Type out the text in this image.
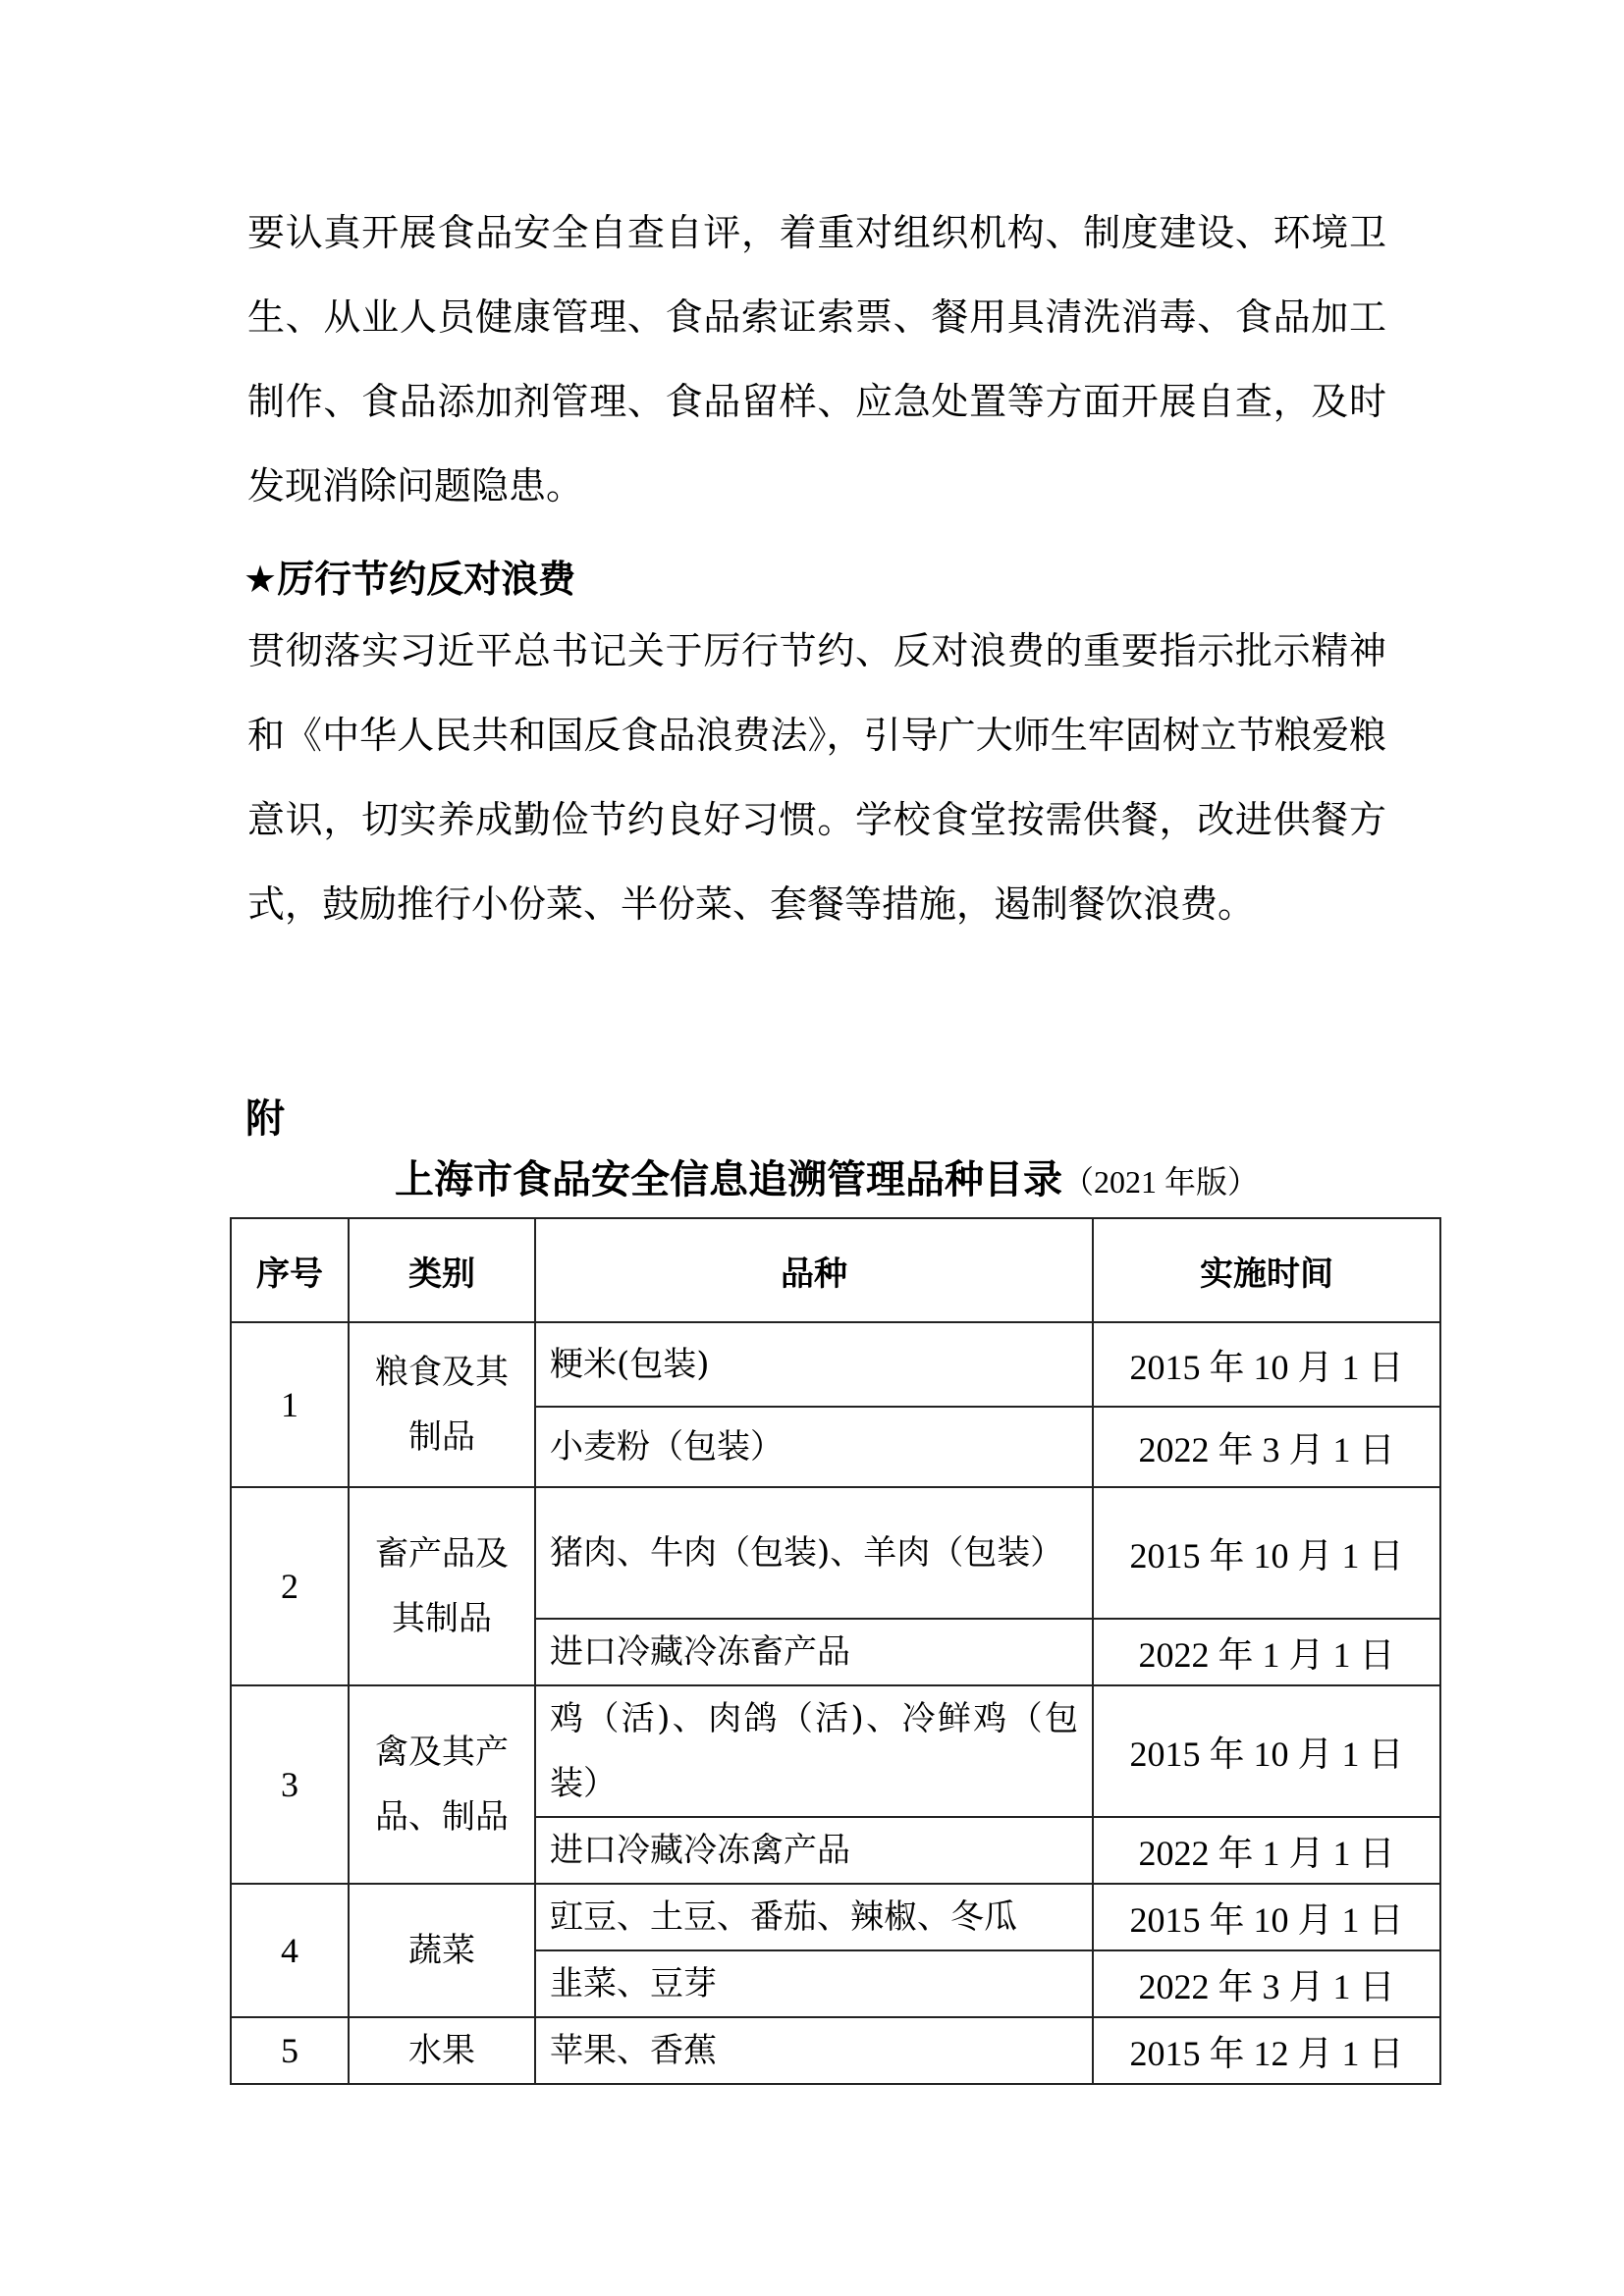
要认真开展食品安全自查自评，着重对组织机构、制度建设、环境卫生、从业人员健康管理、食品索证索票、餐用具清洗消毒、食品加工制作、食品添加剂管理、食品留样、应急处置等方面开展自查，及时发现消除问题隐患。

★厉行节约反对浪费

贯彻落实习近平总书记关于厉行节约、反对浪费的重要指示批示精神和《中华人民共和国反食品浪费法》，引导广大师生牢固树立节粮爱粮意识，切实养成勤俭节约良好习惯。学校食堂按需供餐，改进供餐方式，鼓励推行小份菜、半份菜、套餐等措施，遏制餐饮浪费。

附
上海市食品安全信息追溯管理品种目录（2021 年版）
序号	类别	品种	实施时间
1	粮食及其制品	粳米(包装)	2015 年 10 月 1 日
		小麦粉（包装）	2022 年 3 月 1 日
2	畜产品及其制品	猪肉、牛肉（包装)、羊肉（包装）	2015 年 10 月 1 日
		进口冷藏冷冻畜产品	2022 年 1 月 1 日
3	禽及其产品、制品	鸡（活)、肉鸽（活)、冷鲜鸡（包装）	2015 年 10 月 1 日
		进口冷藏冷冻禽产品	2022 年 1 月 1 日
4	蔬菜	豇豆、土豆、番茄、辣椒、冬瓜	2015 年 10 月 1 日
		韭菜、豆芽	2022 年 3 月 1 日
5	水果	苹果、香蕉	2015 年 12 月 1 日
